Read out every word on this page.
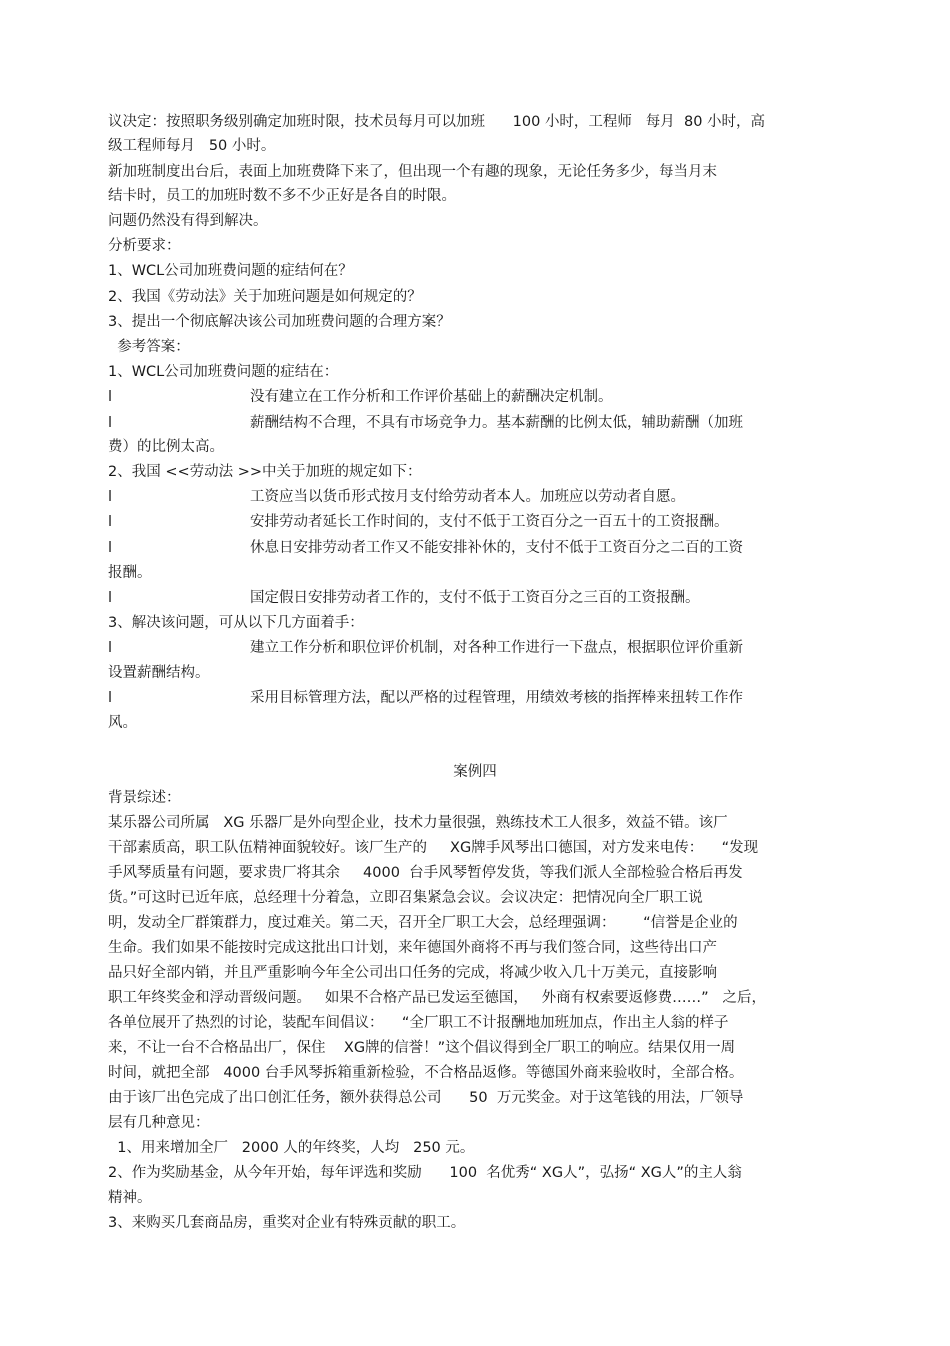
议决定：按照职务级别确定加班时限，技术员每月可以加班      100 小时，工程师   每月  80 小时，高
级工程师每月   50 小时。
新加班制度出台后，表面上加班费降下来了，但出现一个有趣的现象，无论任务多少，每当月末
结卡时，员工的加班时数不多不少正好是各自的时限。
问题仍然没有得到解决。
分析要求：
1、WCL公司加班费问题的症结何在？
2、我国《劳动法》关于加班问题是如何规定的？
3、提出一个彻底解决该公司加班费问题的合理方案？
参考答案：
1、WCL公司加班费问题的症结在：

l

	没有建立在工作分析和工作评价基础上的薪酬决定机制。

l

	薪酬结构不合理，不具有市场竞争力。基本薪酬的比例太低，辅助薪酬（加班

费）的比例太高。
2、我国 <<劳动法 >>中关于加班的规定如下：

l

	工资应当以货币形式按月支付给劳动者本人。加班应以劳动者自愿。

l

	安排劳动者延长工作时间的，支付不低于工资百分之一百五十的工资报酬。

l

	休息日安排劳动者工作又不能安排补休的，支付不低于工资百分之二百的工资

报酬。

l

	国定假日安排劳动者工作的，支付不低于工资百分之三百的工资报酬。

3、解决该问题，可从以下几方面着手：

l

	建立工作分析和职位评价机制，对各种工作进行一下盘点，根据职位评价重新

设置薪酬结构。

l

	采用目标管理方法，配以严格的过程管理，用绩效考核的指挥棒来扭转工作作

风。
案例四
背景综述：
某乐器公司所属   XG 乐器厂是外向型企业，技术力量很强，熟练技术工人很多，效益不错。该厂
干部素质高，职工队伍精神面貌较好。该厂生产的     XG牌手风琴出口德国，对方发来电传：    “发现
手风琴质量有问题，要求贵厂将其余     4000  台手风琴暂停发货，等我们派人全部检验合格后再发
货。”可这时已近年底，总经理十分着急，立即召集紧急会议。会议决定：把情况向全厂职工说
明，发动全厂群策群力，度过难关。第二天，召开全厂职工大会，总经理强调：      “信誉是企业的
生命。我们如果不能按时完成这批出口计划，来年德国外商将不再与我们签合同，这些待出口产
品只好全部内销，并且严重影响今年全公司出口任务的完成，将减少收入几十万美元，直接影响
职工年终奖金和浮动晋级问题。   如果不合格产品已发运至德国，   外商有权索要返修费……”   之后，
各单位展开了热烈的讨论，装配车间倡议：    “全厂职工不计报酬地加班加点，作出主人翁的样子
来，不让一台不合格品出厂，保住    XG牌的信誉！”这个倡议得到全厂职工的响应。结果仅用一周
时间，就把全部   4000 台手风琴拆箱重新检验，不合格品返修。等德国外商来验收时，全部合格。
由于该厂出色完成了出口创汇任务，额外获得总公司      50  万元奖金。对于这笔钱的用法，厂领导
层有几种意见：
1、用来增加全厂   2000 人的年终奖，人均   250 元。
2、作为奖励基金，从今年开始，每年评选和奖励      100  名优秀“ XG人”，弘扬“ XG人”的主人翁
精神。
3、来购买几套商品房，重奖对企业有特殊贡献的职工。
